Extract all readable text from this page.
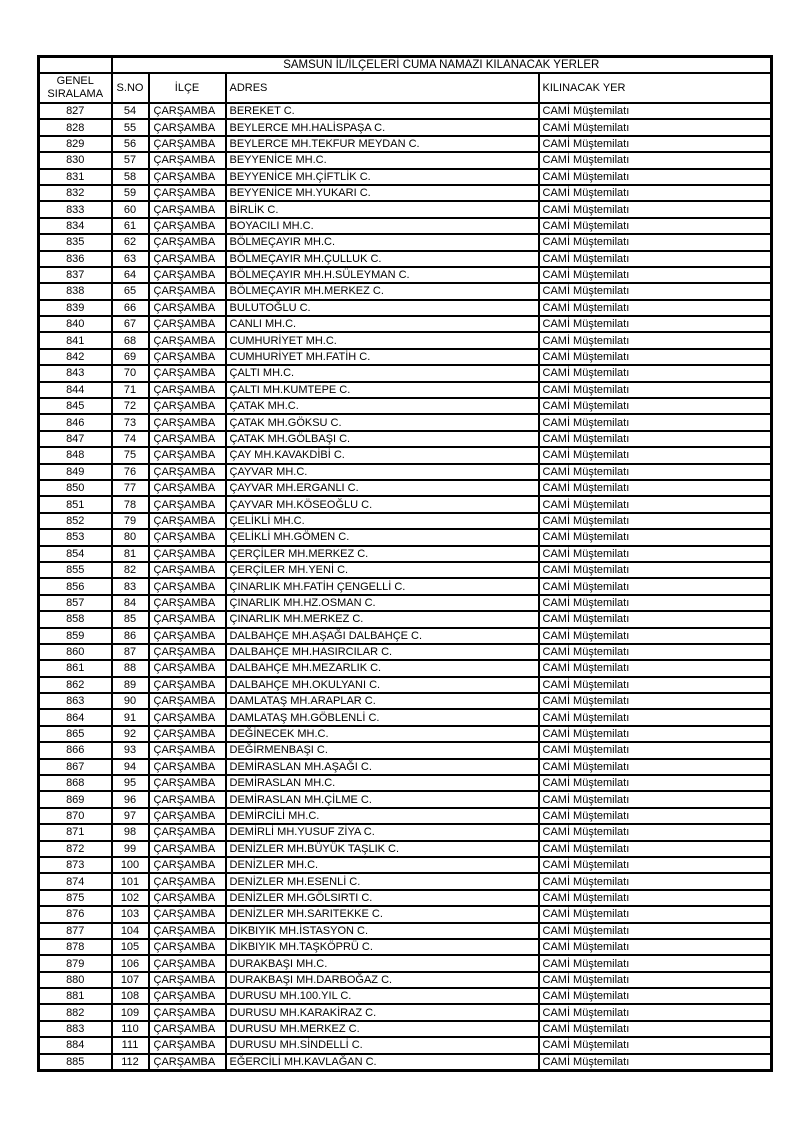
	SAMSUN İL/İLÇELERİ CUMA NAMAZI KILANACAK YERLER			
GENEL SIRALAMA	S.NO	İLÇE	ADRES	KILINACAK YER
827	54	ÇARŞAMBA	BEREKET C.	CAMİ Müştemilatı
828	55	ÇARŞAMBA	BEYLERCE MH.HALİSPAŞA C.	CAMİ Müştemilatı
829	56	ÇARŞAMBA	BEYLERCE MH.TEKFUR MEYDAN C.	CAMİ Müştemilatı
830	57	ÇARŞAMBA	BEYYENİCE MH.C.	CAMİ Müştemilatı
831	58	ÇARŞAMBA	BEYYENİCE MH.ÇİFTLİK C.	CAMİ Müştemilatı
832	59	ÇARŞAMBA	BEYYENİCE MH.YUKARI C.	CAMİ Müştemilatı
833	60	ÇARŞAMBA	BİRLİK C.	CAMİ Müştemilatı
834	61	ÇARŞAMBA	BOYACILI MH.C.	CAMİ Müştemilatı
835	62	ÇARŞAMBA	BÖLMEÇAYIR MH.C.	CAMİ Müştemilatı
836	63	ÇARŞAMBA	BÖLMEÇAYIR MH.ÇULLUK C.	CAMİ Müştemilatı
837	64	ÇARŞAMBA	BÖLMEÇAYIR MH.H.SÜLEYMAN C.	CAMİ Müştemilatı
838	65	ÇARŞAMBA	BÖLMEÇAYIR MH.MERKEZ C.	CAMİ Müştemilatı
839	66	ÇARŞAMBA	BULUTOĞLU C.	CAMİ Müştemilatı
840	67	ÇARŞAMBA	CANLI MH.C.	CAMİ Müştemilatı
841	68	ÇARŞAMBA	CUMHURİYET MH.C.	CAMİ Müştemilatı
842	69	ÇARŞAMBA	CUMHURİYET MH.FATİH C.	CAMİ Müştemilatı
843	70	ÇARŞAMBA	ÇALTI MH.C.	CAMİ Müştemilatı
844	71	ÇARŞAMBA	ÇALTI MH.KUMTEPE C.	CAMİ Müştemilatı
845	72	ÇARŞAMBA	ÇATAK MH.C.	CAMİ Müştemilatı
846	73	ÇARŞAMBA	ÇATAK MH.GÖKSU C.	CAMİ Müştemilatı
847	74	ÇARŞAMBA	ÇATAK MH.GÖLBAŞI C.	CAMİ Müştemilatı
848	75	ÇARŞAMBA	ÇAY MH.KAVAKDİBİ C.	CAMİ Müştemilatı
849	76	ÇARŞAMBA	ÇAYVAR MH.C.	CAMİ Müştemilatı
850	77	ÇARŞAMBA	ÇAYVAR MH.ERGANLI C.	CAMİ Müştemilatı
851	78	ÇARŞAMBA	ÇAYVAR MH.KÖSEOĞLU C.	CAMİ Müştemilatı
852	79	ÇARŞAMBA	ÇELİKLİ MH.C.	CAMİ Müştemilatı
853	80	ÇARŞAMBA	ÇELİKLİ MH.GÖMEN C.	CAMİ Müştemilatı
854	81	ÇARŞAMBA	ÇERÇİLER MH.MERKEZ C.	CAMİ Müştemilatı
855	82	ÇARŞAMBA	ÇERÇİLER MH.YENİ C.	CAMİ Müştemilatı
856	83	ÇARŞAMBA	ÇINARLIK MH.FATİH ÇENGELLİ C.	CAMİ Müştemilatı
857	84	ÇARŞAMBA	ÇINARLIK MH.HZ.OSMAN C.	CAMİ Müştemilatı
858	85	ÇARŞAMBA	ÇINARLIK MH.MERKEZ C.	CAMİ Müştemilatı
859	86	ÇARŞAMBA	DALBAHÇE MH.AŞAĞI DALBAHÇE C.	CAMİ Müştemilatı
860	87	ÇARŞAMBA	DALBAHÇE MH.HASIRCILAR C.	CAMİ Müştemilatı
861	88	ÇARŞAMBA	DALBAHÇE MH.MEZARLIK C.	CAMİ Müştemilatı
862	89	ÇARŞAMBA	DALBAHÇE MH.OKULYANI C.	CAMİ Müştemilatı
863	90	ÇARŞAMBA	DAMLATAŞ MH.ARAPLAR C.	CAMİ Müştemilatı
864	91	ÇARŞAMBA	DAMLATAŞ MH.GÖBLENLİ C.	CAMİ Müştemilatı
865	92	ÇARŞAMBA	DEĞİNECEK MH.C.	CAMİ Müştemilatı
866	93	ÇARŞAMBA	DEĞİRMENBAŞI C.	CAMİ Müştemilatı
867	94	ÇARŞAMBA	DEMİRASLAN MH.AŞAĞI C.	CAMİ Müştemilatı
868	95	ÇARŞAMBA	DEMİRASLAN MH.C.	CAMİ Müştemilatı
869	96	ÇARŞAMBA	DEMİRASLAN MH.ÇİLME C.	CAMİ Müştemilatı
870	97	ÇARŞAMBA	DEMİRCİLİ MH.C.	CAMİ Müştemilatı
871	98	ÇARŞAMBA	DEMİRLİ MH.YUSUF ZİYA C.	CAMİ Müştemilatı
872	99	ÇARŞAMBA	DENİZLER MH.BÜYÜK TAŞLIK C.	CAMİ Müştemilatı
873	100	ÇARŞAMBA	DENİZLER MH.C.	CAMİ Müştemilatı
874	101	ÇARŞAMBA	DENİZLER MH.ESENLİ C.	CAMİ Müştemilatı
875	102	ÇARŞAMBA	DENİZLER MH.GÖLSIRTI C.	CAMİ Müştemilatı
876	103	ÇARŞAMBA	DENİZLER MH.SARITEKKE C.	CAMİ Müştemilatı
877	104	ÇARŞAMBA	DİKBIYIK MH.İSTASYON C.	CAMİ Müştemilatı
878	105	ÇARŞAMBA	DİKBIYIK MH.TAŞKÖPRÜ C.	CAMİ Müştemilatı
879	106	ÇARŞAMBA	DURAKBAŞI MH.C.	CAMİ Müştemilatı
880	107	ÇARŞAMBA	DURAKBAŞI MH.DARBOĞAZ C.	CAMİ Müştemilatı
881	108	ÇARŞAMBA	DURUSU MH.100.YIL C.	CAMİ Müştemilatı
882	109	ÇARŞAMBA	DURUSU MH.KARAKİRAZ C.	CAMİ Müştemilatı
883	110	ÇARŞAMBA	DURUSU MH.MERKEZ C.	CAMİ Müştemilatı
884	111	ÇARŞAMBA	DURUSU MH.SİNDELLİ C.	CAMİ Müştemilatı
885	112	ÇARŞAMBA	EĞERCİLİ MH.KAVLAĞAN C.	CAMİ Müştemilatı
